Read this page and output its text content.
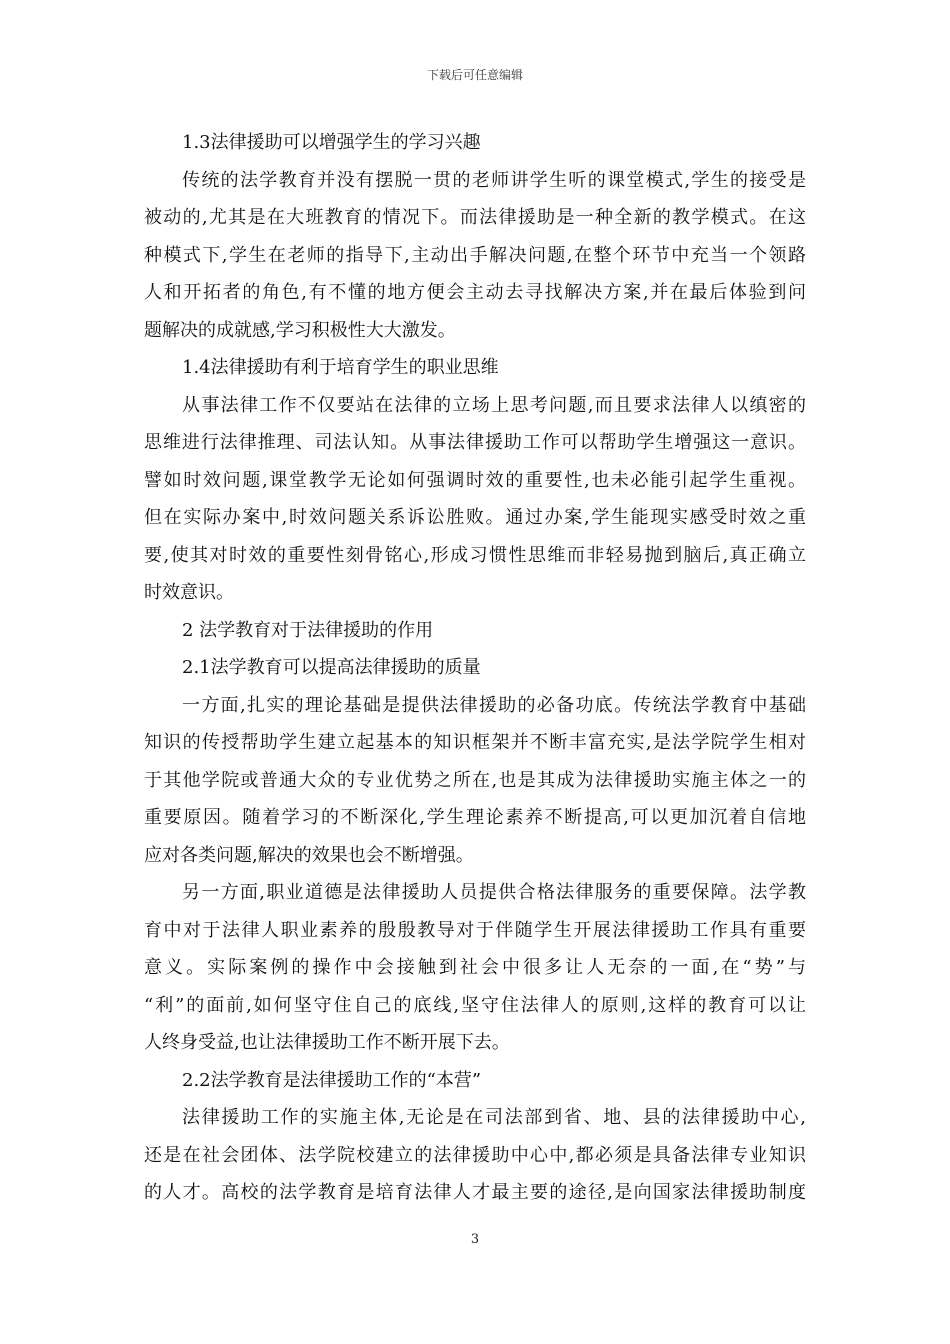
下载后可任意编辑
1.3法律援助可以增强学生的学习兴趣
传统的法学教育并没有摆脱一贯的老师讲学生听的课堂模式,学生的接受是
被动的,尤其是在大班教育的情况下。而法律援助是一种全新的教学模式。在这
种模式下,学生在老师的指导下,主动出手解决问题,在整个环节中充当一个领路
人和开拓者的角色,有不懂的地方便会主动去寻找解决方案,并在最后体验到问
题解决的成就感,学习积极性大大激发。
1.4法律援助有利于培育学生的职业思维
从事法律工作不仅要站在法律的立场上思考问题,而且要求法律人以缜密的
思维进行法律推理、司法认知。从事法律援助工作可以帮助学生增强这一意识。
譬如时效问题,课堂教学无论如何强调时效的重要性,也未必能引起学生重视。
但在实际办案中,时效问题关系诉讼胜败。通过办案,学生能现实感受时效之重
要,使其对时效的重要性刻骨铭心,形成习惯性思维而非轻易抛到脑后,真正确立
时效意识。
2 法学教育对于法律援助的作用
2.1法学教育可以提高法律援助的质量
一方面,扎实的理论基础是提供法律援助的必备功底。传统法学教育中基础
知识的传授帮助学生建立起基本的知识框架并不断丰富充实,是法学院学生相对
于其他学院或普通大众的专业优势之所在,也是其成为法律援助实施主体之一的
重要原因。随着学习的不断深化,学生理论素养不断提高,可以更加沉着自信地
应对各类问题,解决的效果也会不断增强。
另一方面,职业道德是法律援助人员提供合格法律服务的重要保障。法学教
育中对于法律人职业素养的殷殷教导对于伴随学生开展法律援助工作具有重要
意义。实际案例的操作中会接触到社会中很多让人无奈的一面,在“势”与
“利”的面前,如何坚守住自己的底线,坚守住法律人的原则,这样的教育可以让
人终身受益,也让法律援助工作不断开展下去。
2.2法学教育是法律援助工作的“本营”
法律援助工作的实施主体,无论是在司法部到省、地、县的法律援助中心,
还是在社会团体、法学院校建立的法律援助中心中,都必须是具备法律专业知识
的人才。高校的法学教育是培育法律人才最主要的途径,是向国家法律援助制度
3
